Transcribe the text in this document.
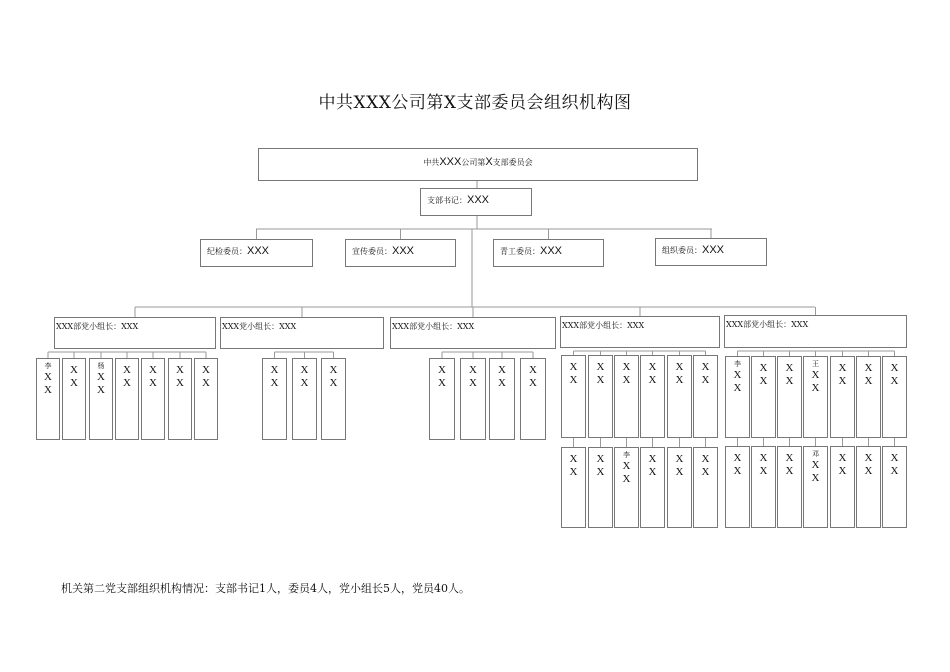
中共XXX公司第X支部委员会组织机构图
中共XXX公司第X支部委员会
支部书记：XXX
纪检委员：XXX	宣传委员：XXX	青工委员：XXX	组织委员：XXX
XXX部党小组长：XXX
李
X
X
X
X
杨
X
X
X
X
X
X
X
X
X
X
XXX党小组长：XXX
X
X
X
X
X
X
XXX部党小组长：XXX
X
X
X
X
X
X
X
X
XXX部党小组长：XXX
X
X
X
X
X
X
X
X
X
X
X
X
X
X
X
X
李
X
X
X
X
X
X
X
X
XXX部党小组长：XXX
李
X
X
X
X
X
X
王
X
X
X
X
X
X
X
X
X
X
X
X
X
X
邓
X
X
X
X
X
X
X
X
机关第二党支部组织机构情况：支部书记1人，委员4人，党小组长5人，党员40人。
